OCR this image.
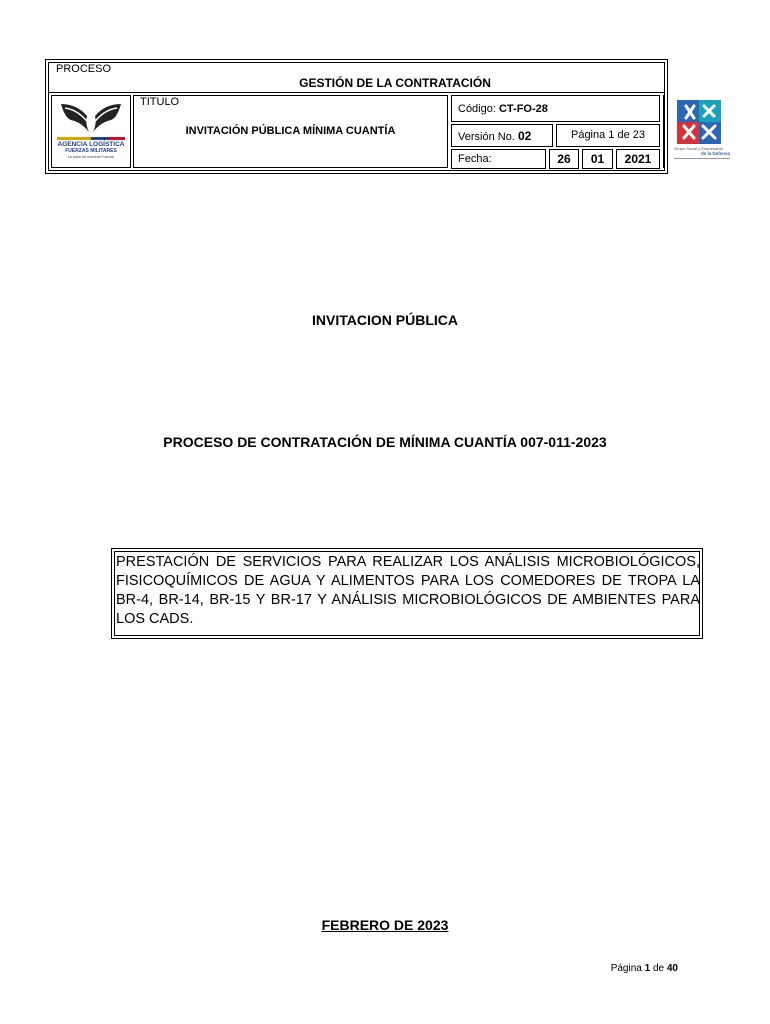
PROCESO
GESTIÓN DE LA CONTRATACIÓN
TITULO
INVITACIÓN PÚBLICA MÍNIMA CUANTÍA
Código: CT-FO-28
Versión No. 02	Página 1 de 23
Fecha:	26	01	2021
AGENCIA LOGÍSTICA
FUERZAS MILITARES
La unión de nuestras Fuerzas
Grupo Social y Empresarial
de la Defensa
INVITACION PÚBLICA
PROCESO DE CONTRATACIÓN DE MÍNIMA CUANTÍA 007-011-2023
PRESTACIÓN DE SERVICIOS PARA REALIZAR LOS ANÁLISIS MICROBIOLÓGICOS, FISICOQUÍMICOS DE AGUA Y ALIMENTOS PARA LOS COMEDORES DE TROPA LA BR-4, BR-14, BR-15 Y BR-17 Y ANÁLISIS MICROBIOLÓGICOS DE AMBIENTES PARA LOS CADS.
FEBRERO DE 2023
Página 1 de 40
